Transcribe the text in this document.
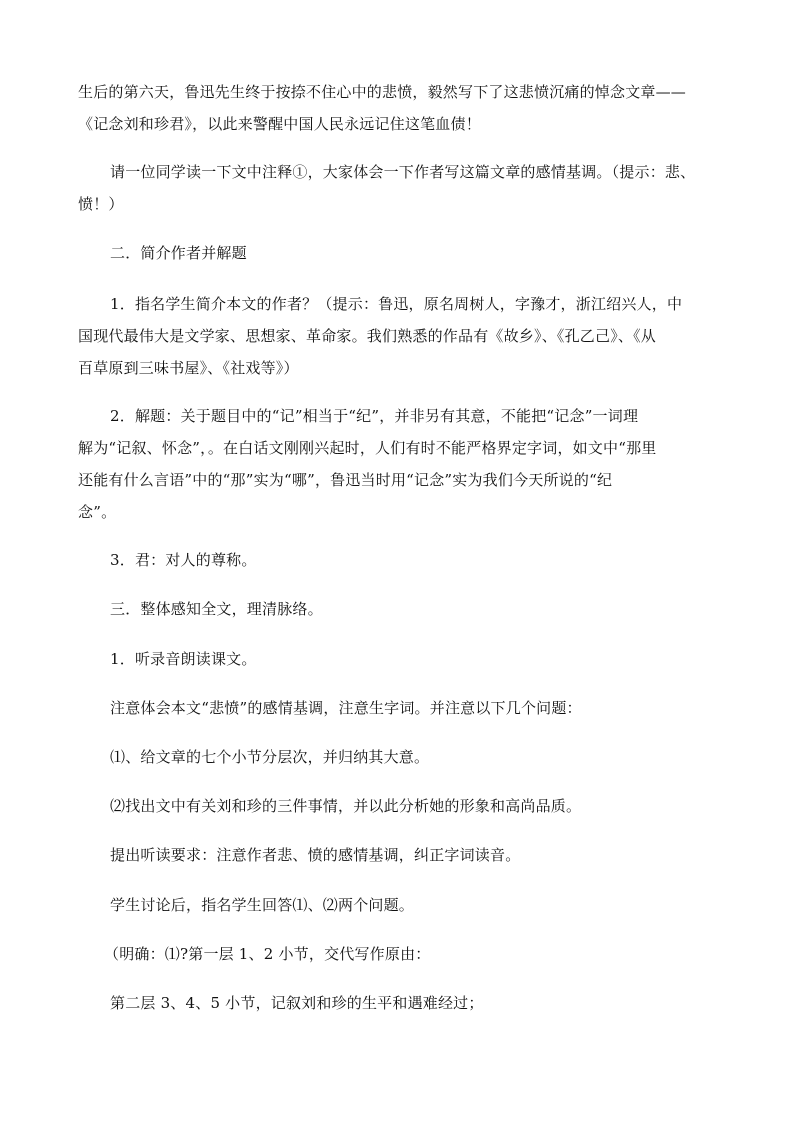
生后的第六天，鲁迅先生终于按捺不住心中的悲愤，毅然写下了这悲愤沉痛的悼念文章——
《记念刘和珍君》，以此来警醒中国人民永远记住这笔血债！
请一位同学读一下文中注释①，大家体会一下作者写这篇文章的感情基调。（提示：悲、
愤！）
二．简介作者并解题
1．指名学生简介本文的作者？（提示：鲁迅，原名周树人，字豫才，浙江绍兴人，中
国现代最伟大是文学家、思想家、革命家。我们熟悉的作品有《故乡》、《孔乙己》、《从
百草原到三味书屋》、《社戏等》）
2．解题：关于题目中的“记”相当于“纪”，并非另有其意，不能把“记念”一词理
解为“记叙、怀念”，。在白话文刚刚兴起时，人们有时不能严格界定字词，如文中“那里
还能有什么言语”中的“那”实为“哪”，鲁迅当时用“记念”实为我们今天所说的“纪
念”。
3．君：对人的尊称。
三．整体感知全文，理清脉络。
1．听录音朗读课文。
注意体会本文“悲愤”的感情基调，注意生字词。并注意以下几个问题：
⑴、给文章的七个小节分层次，并归纳其大意。
⑵找出文中有关刘和珍的三件事情，并以此分析她的形象和高尚品质。
提出听读要求：注意作者悲、愤的感情基调，纠正字词读音。
学生讨论后，指名学生回答⑴、⑵两个问题。
（明确：⑴?第一层 1、2 小节，交代写作原由：
第二层 3、4、5 小节，记叙刘和珍的生平和遇难经过；
